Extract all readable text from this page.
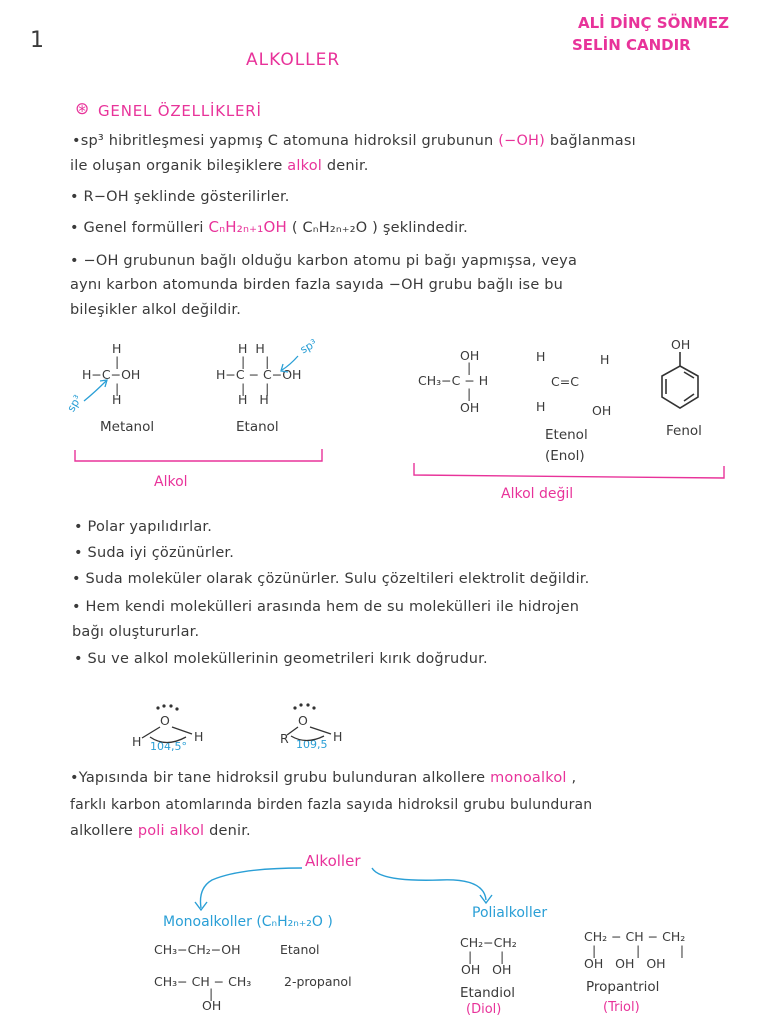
1
ALİ DİNÇ SÖNMEZ
SELİN CANDIR
ALKOLLER
⊛ GENEL ÖZELLİKLERİ
•sp³ hibritleşmesi yapmış C atomuna hidroksil grubunun (−OH) bağlanması
ile oluşan organik bileşiklere alkol denir.
• R−OH şeklinde gösterilirler.
• Genel formülleri CₙH₂ₙ₊₁OH ( CₙH₂ₙ₊₂O ) şeklindedir.
• −OH grubunun bağlı olduğu karbon atomu pi bağı yapmışsa, veya
aynı karbon atomunda birden fazla sayıda −OH grubu bağlı ise bu
bileşikler alkol değildir.
H
|
H−C−OH
|
H
sp³
Metanol
H  H
|     |
H−C − C−OH
|     |
H   H
sp³
Etanol
OH
|
CH₃−C − H
|
OH
H	H
C=C
H	OH
Etenol
(Enol)
OH
Fenol
Alkol
Alkol değil
• Polar yapılıdırlar.
• Suda iyi çözünürler.
• Suda moleküler olarak çözünürler. Sulu çözeltileri elektrolit değildir.
• Hem kendi molekülleri arasında hem de su molekülleri ile hidrojen
bağı oluştururlar.
• Su ve alkol moleküllerinin geometrileri kırık doğrudur.
O
H	H
104,5°
O
R	H
109,5
•Yapısında bir tane hidroksil grubu bulunduran alkollere monoalkol ,
farklı karbon atomlarında birden fazla sayıda hidroksil grubu bulunduran
alkollere poli alkol denir.
Alkoller
Monoalkoller (CₙH₂ₙ₊₂O )
Polialkoller
CH₃−CH₂−OH	Etanol
CH₃− CH − CH₃
|
OH
2-propanol
CH₂−CH₂
|       |
OH   OH
Etandiol
(Diol)
CH₂ − CH − CH₂
|          |          |
OH   OH   OH
Propantriol
(Triol)
